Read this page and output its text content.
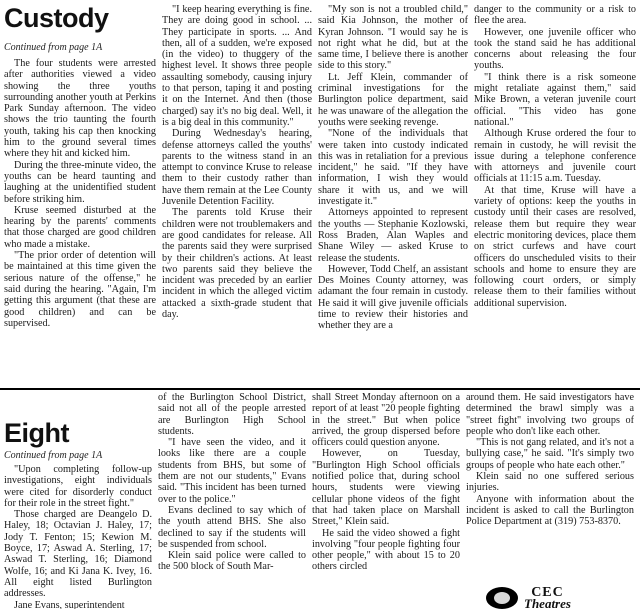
Custody
Continued from page 1A

The four students were arrested after authorities viewed a video showing the three youths surrounding another youth at Perkins Park Sunday afternoon. The video shows the trio taunting the fourth youth, taking his cap then knocking him to the ground several times where they hit and kicked him.

During the three-minute video, the youths can be heard taunting and laughing at the unidentified student before striking him.

Kruse seemed disturbed at the hearing by the parents' comments that those charged are good children who made a mistake.

"The prior order of detention will be maintained at this time given the serious nature of the offense," he said during the hearing. "Again, I'm getting this argument (that these are good children) and can be supervised.

"I keep hearing everything is fine. They are doing good in school. ... They participate in sports. ... And then, all of a sudden, we're exposed (in the video) to thuggery of the highest level. It shows three people assaulting somebody, causing injury to that person, taping it and posting it on the Internet. And then (those charged) say it's no big deal. Well, it is a big deal in this community."

During Wednesday's hearing, defense attorneys called the youths' parents to the witness stand in an attempt to convince Kruse to release them to their custody rather than have them remain at the Lee County Juvenile Detention Facility.

The parents told Kruse their children were not troublemakers and are good candidates for release. All the parents said they were surprised by their children's actions. At least two parents said they believe the incident was preceded by an earlier incident in which the alleged victim attacked a sixth-grade student that day.

"My son is not a troubled child," said Kia Johnson, the mother of Kyran Johnson. "I would say he is not right what he did, but at the same time, I believe there is another side to this story."

Lt. Jeff Klein, commander of criminal investigations for the Burlington police department, said he was unaware of the allegation the youths were seeking revenge.

"None of the individuals that were taken into custody indicated this was in retaliation for a previous incident," he said. "If they have information, I wish they would share it with us, and we will investigate it."

Attorneys appointed to represent the youths — Stephanie Kozlowski, Ross Braden, Alan Waples and Shane Wiley — asked Kruse to release the students.

However, Todd Chelf, an assistant Des Moines County attorney, was adamant the four remain in custody. He said it will give juvenile officials time to review their histories and whether they are a

danger to the community or a risk to flee the area.

However, one juvenile officer who took the stand said he has additional concerns about releasing the four youths.

"I think there is a risk someone might retaliate against them," said Mike Brown, a veteran juvenile court official. "This video has gone national."

Although Kruse ordered the four to remain in custody, he will revisit the issue during a telephone conference with attorneys and juvenile court officials at 11:15 a.m. Tuesday.

At that time, Kruse will have a variety of options: keep the youths in custody until their cases are resolved, release them but require they wear electric monitoring devices, place them on strict curfews and have court officers do unscheduled visits to their schools and home to ensure they are following court orders, or simply release them to their families without additional supervision.

Eight
Continued from page 1A

"Upon completing follow-up investigations, eight individuals were cited for disorderly conduct for their role in the street fight."

Those charged are Deangelo D. Haley, 18; Octavian J. Haley, 17; Jody T. Fenton; 15; Kewion M. Boyce, 17; Aswad A. Sterling, 17; Aswad T. Sterling, 16; Diamond Wolfe, 16; and Ki Jana K. Ivey, 16. All eight listed Burlington addresses.

Jane Evans, superintendent

of the Burlington School District, said not all of the people arrested are Burlington High School students.

"I have seen the video, and it looks like there are a couple students from BHS, but some of them are not our students," Evans said. "This incident has been turned over to the police."

Evans declined to say which of the youth attend BHS. She also declined to say if the students will be suspended from school.

Klein said police were called to the 500 block of South Mar-

shall Street Monday afternoon on a report of at least "20 people fighting in the street." But when police arrived, the group dispersed before officers could question anyone.

However, on Tuesday, "Burlington High School officials notified police that, during school hours, students were viewing cellular phone videos of the fight that had taken place on Marshall Street," Klein said.

He said the video showed a fight involving "four people fighting four other people," with about 15 to 20 others circled

around them. He said investigators have determined the brawl simply was a "street fight" involving two groups of people who don't like each other.

"This is not gang related, and it's not a bullying case," he said. "It's simply two groups of people who hate each other."

Klein said no one suffered serious injuries.

Anyone with information about the incident is asked to call the Burlington Police Department at (319) 753-8370.

CEC
Theatres
